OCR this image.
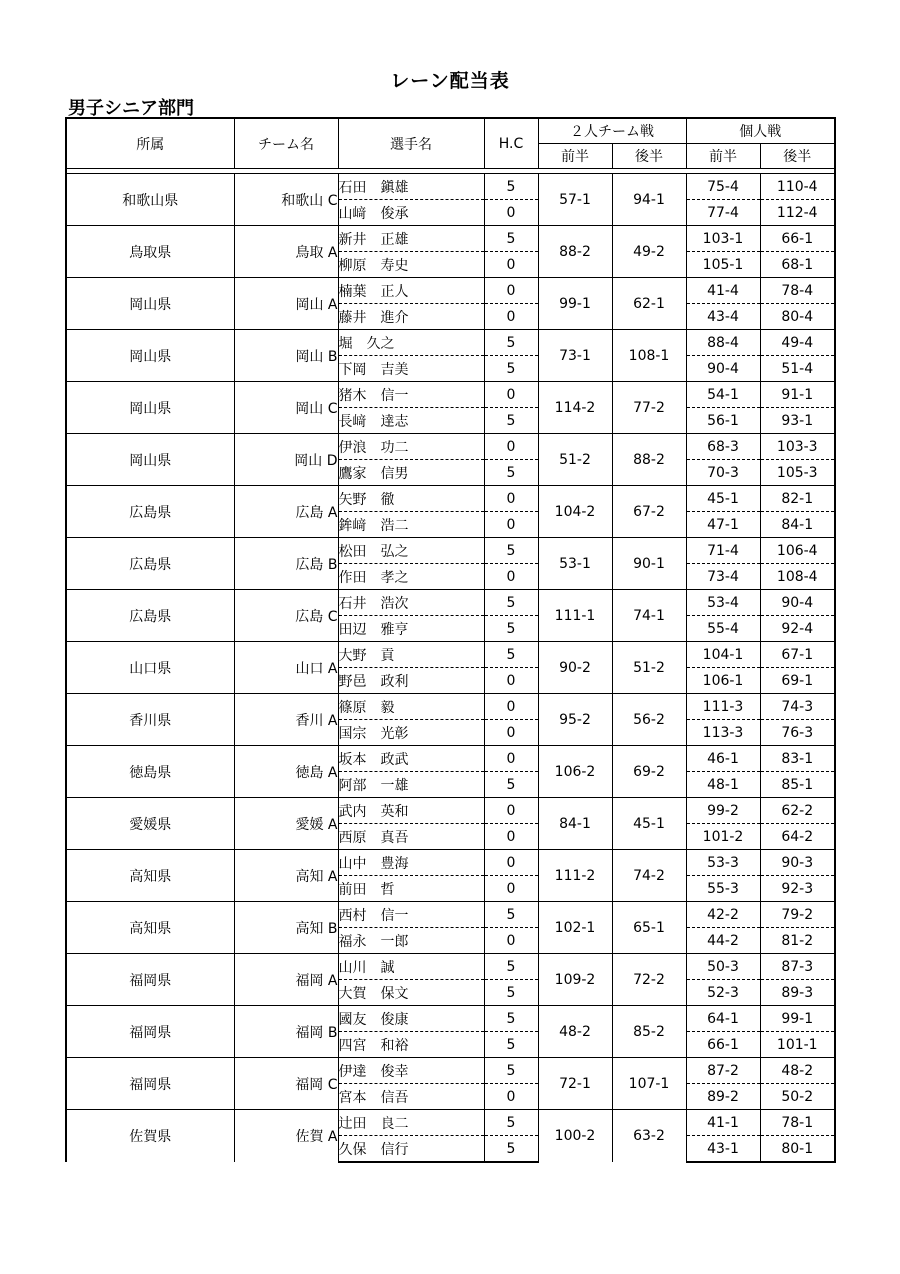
レーン配当表
男子シニア部門
所属	チーム名	選手名	H.C	２人チーム戦		個人戦	
				前半	後半	前半	後半

和歌山県	和歌山 C	石田　鎭雄	5	57-1	94-1	75-4	110-4
		山﨑　俊承	0			77-4	112-4
鳥取県	鳥取 A	新井　正雄	5	88-2	49-2	103-1	66-1
		柳原　寿史	0			105-1	68-1
岡山県	岡山 A	楠葉　正人	0	99-1	62-1	41-4	78-4
		藤井　進介	0			43-4	80-4
岡山県	岡山 B	堀　久之	5	73-1	108-1	88-4	49-4
		下岡　吉美	5			90-4	51-4
岡山県	岡山 C	猪木　信一	0	114-2	77-2	54-1	91-1
		長﨑　達志	5			56-1	93-1
岡山県	岡山 D	伊浪　功二	0	51-2	88-2	68-3	103-3
		鷹家　信男	5			70-3	105-3
広島県	広島 A	矢野　徹	0	104-2	67-2	45-1	82-1
		鉾﨑　浩二	0			47-1	84-1
広島県	広島 B	松田　弘之	5	53-1	90-1	71-4	106-4
		作田　孝之	0			73-4	108-4
広島県	広島 C	石井　浩次	5	111-1	74-1	53-4	90-4
		田辺　雅亨	5			55-4	92-4
山口県	山口 A	大野　貢	5	90-2	51-2	104-1	67-1
		野邑　政利	0			106-1	69-1
香川県	香川 A	篠原　毅	0	95-2	56-2	111-3	74-3
		国宗　光彰	0			113-3	76-3
徳島県	徳島 A	坂本　政武	0	106-2	69-2	46-1	83-1
		阿部　一雄	5			48-1	85-1
愛媛県	愛媛 A	武内　英和	0	84-1	45-1	99-2	62-2
		西原　真吾	0			101-2	64-2
高知県	高知 A	山中　豊海	0	111-2	74-2	53-3	90-3
		前田　哲	0			55-3	92-3
高知県	高知 B	西村　信一	5	102-1	65-1	42-2	79-2
		福永　一郎	0			44-2	81-2
福岡県	福岡 A	山川　誠	5	109-2	72-2	50-3	87-3
		大賀　保文	5			52-3	89-3
福岡県	福岡 B	國友　俊康	5	48-2	85-2	64-1	99-1
		四宮　和裕	5			66-1	101-1
福岡県	福岡 C	伊達　俊幸	5	72-1	107-1	87-2	48-2
		宮本　信吾	0			89-2	50-2
佐賀県	佐賀 A	辻田　良二	5	100-2	63-2	41-1	78-1
		久保　信行	5			43-1	80-1
